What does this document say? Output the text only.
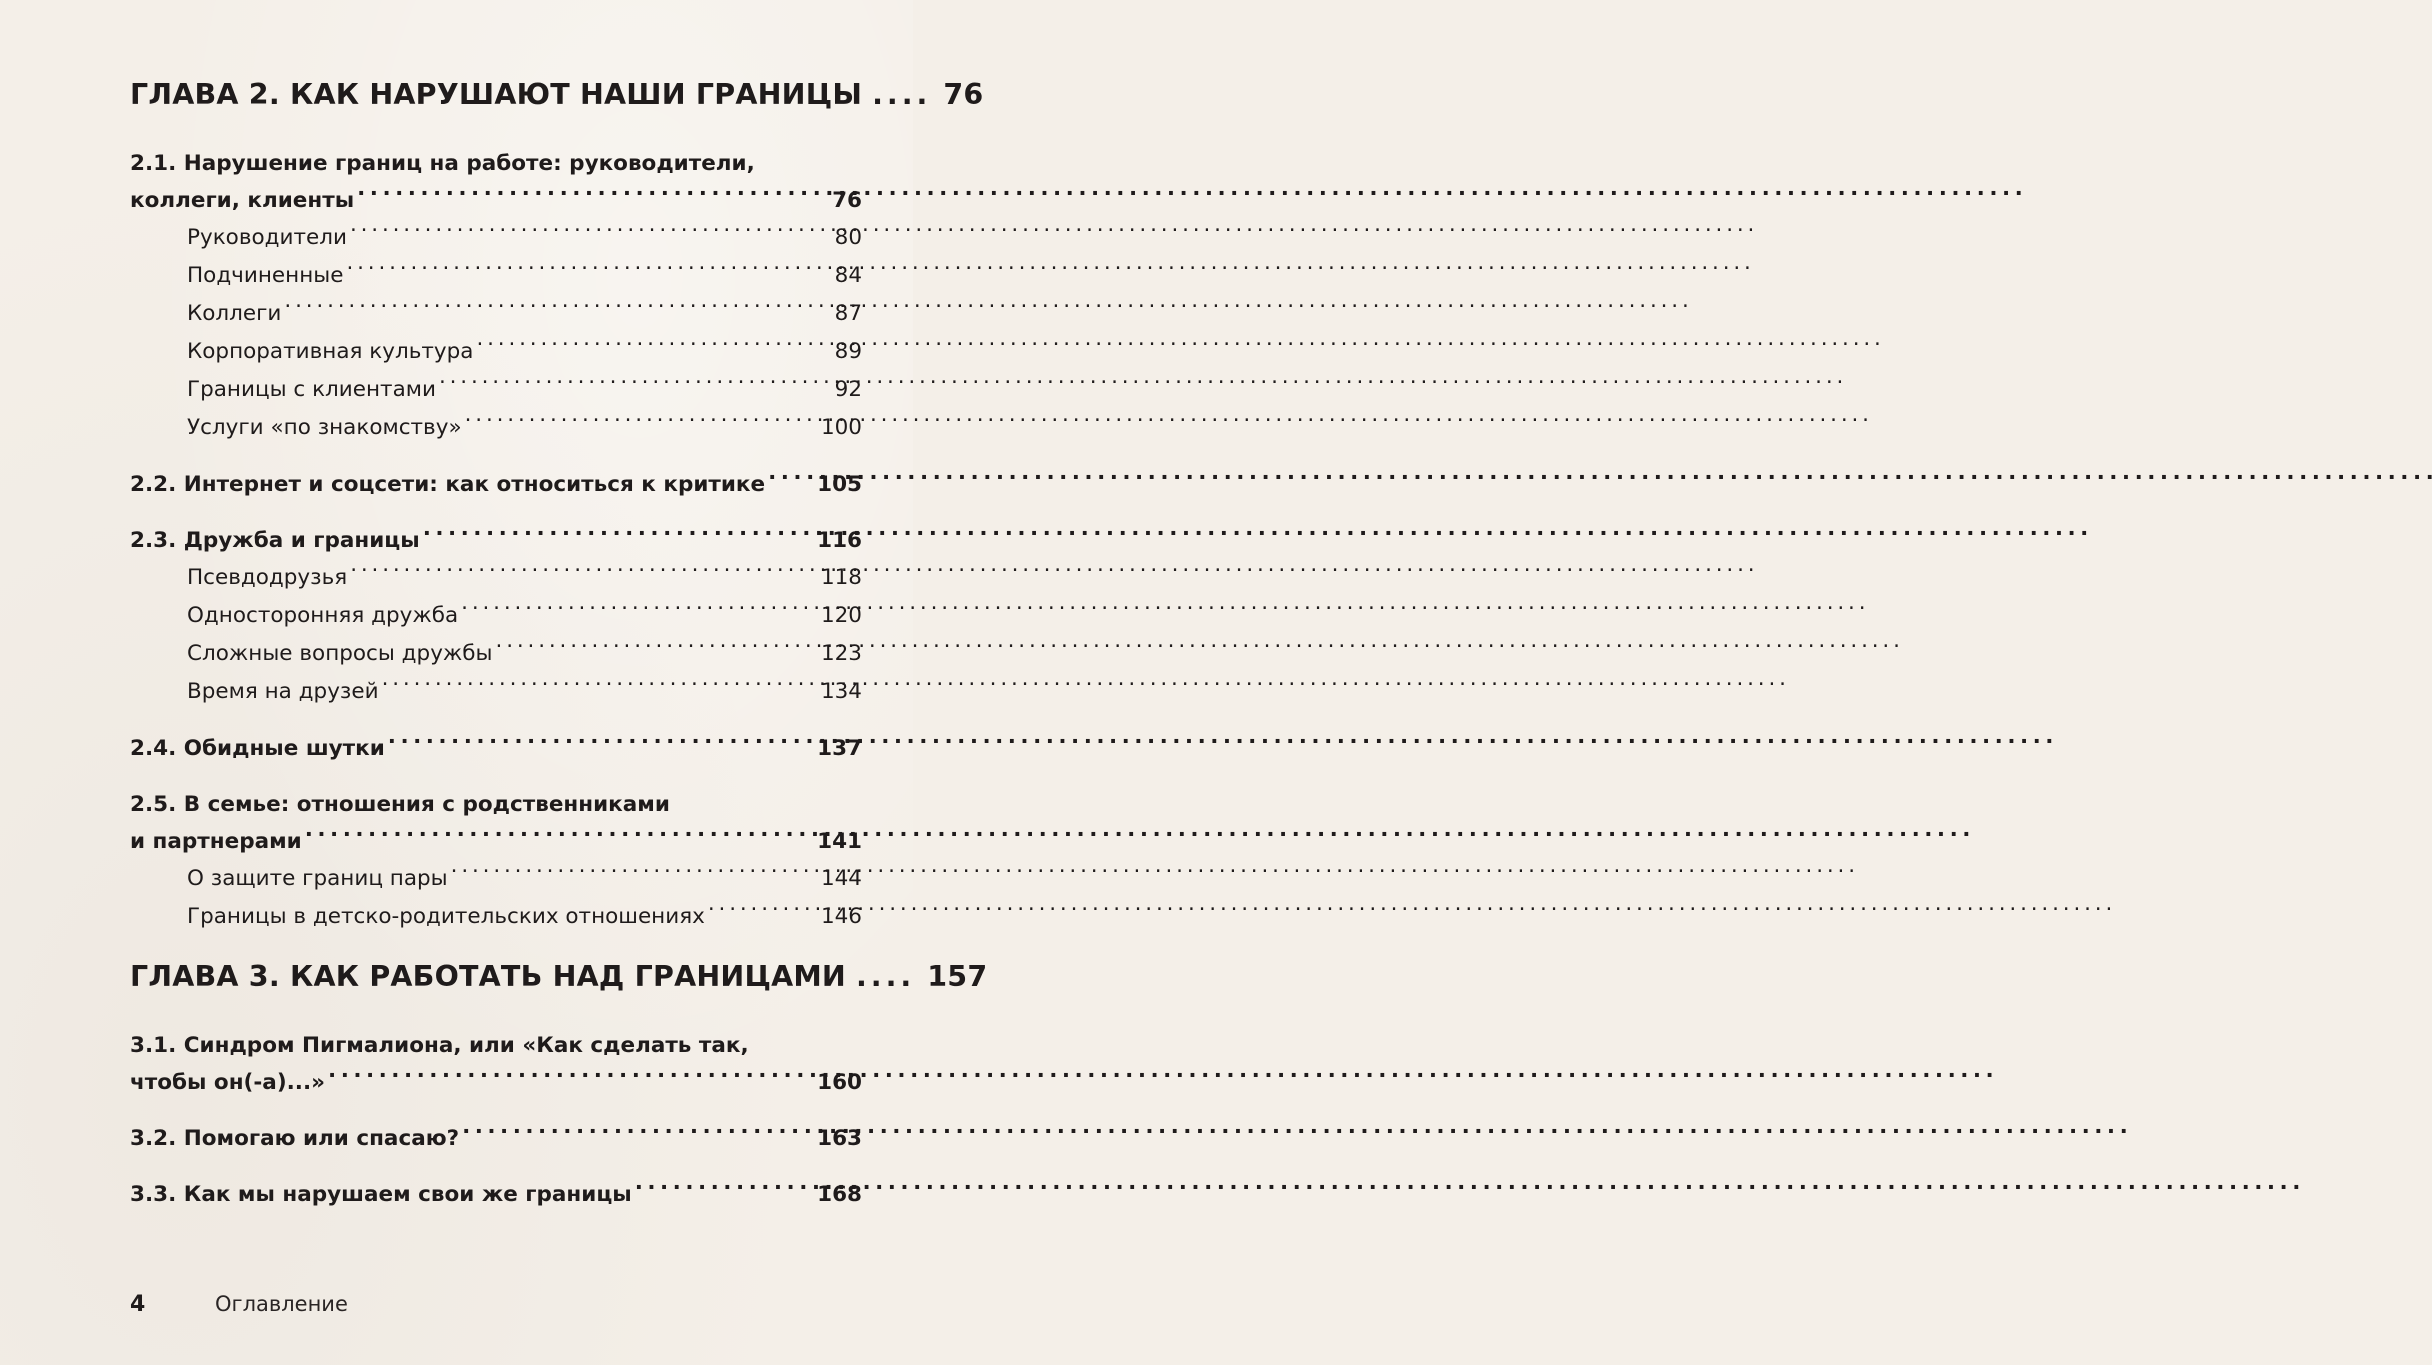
ГЛАВА 2. КАК НАРУШАЮТ НАШИ ГРАНИЦЫ .... 76
2.1. Нарушение границ на работе: руководители,
коллеги, клиенты . . .	76
Руководители . . .	80
Подчиненные . . .	84
Коллеги . . .	87
Корпоративная культура . . .	89
Границы с клиентами . . .	92
Услуги «по знакомству» . . .	100
2.2. Интернет и соцсети: как относиться к критике . . . 105
2.3. Дружба и границы . . .	116
Псевдодрузья . . .	118
Односторонняя дружба . . .	120
Сложные вопросы дружбы . . .	123
Время на друзей . . .	134
2.4. Обидные шутки . . .	137
2.5. В семье: отношения с родственниками
и партнерами . . .	141
О защите границ пары . . .	144
Границы в детско-родительских отношениях . . .	146
ГЛАВА 3. КАК РАБОТАТЬ НАД ГРАНИЦАМИ .... 157
3.1. Синдром Пигмалиона, или «Как сделать так,
чтобы он(-а)...» . . .	160
3.2. Помогаю или спасаю? . . .	163
3.3. Как мы нарушаем свои же границы . . .	168
4	Оглавление
